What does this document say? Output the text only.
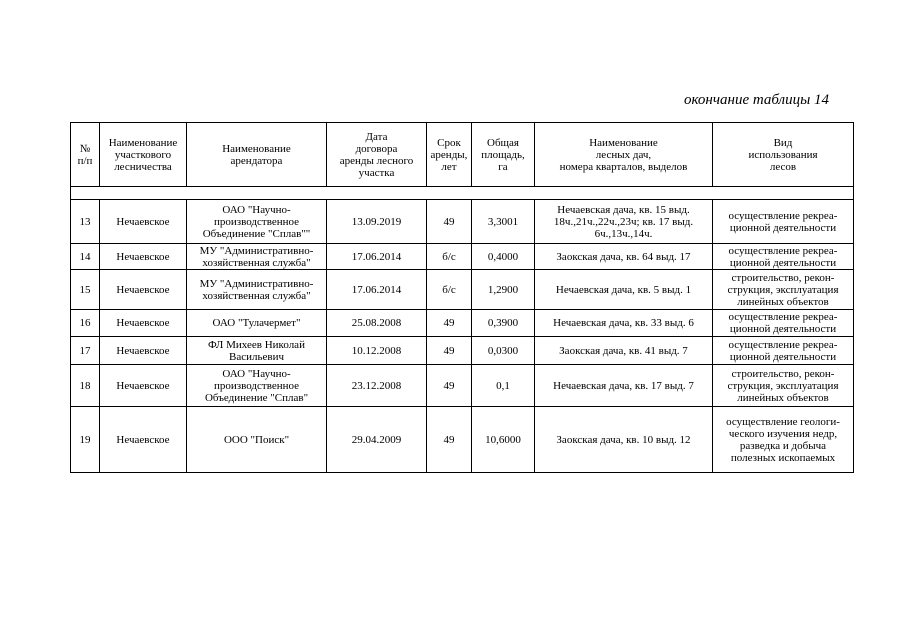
окончание таблицы 14
№
п/п	Наименование
участкового
лесничества	Наименование
арендатора	Дата
договора
аренды лесного
участка	Срок
аренды,
лет	Общая
площадь,
га	Наименование
лесных дач,
номера кварталов, выделов	Вид
использования
лесов

13	Нечаевское	ОАО "Научно-
производственное
Объединение "Сплав""	13.09.2019	49	3,3001	Нечаевская дача, кв. 15 выд.
18ч.,21ч.,22ч.,23ч; кв. 17 выд.
6ч.,13ч.,14ч.	осуществление рекреа-
ционной деятельности
14	Нечаевское	МУ "Административно-
хозяйственная служба"	17.06.2014	б/с	0,4000	Заокская дача, кв. 64 выд. 17	осуществление рекреа-
ционной деятельности
15	Нечаевское	МУ "Административно-
хозяйственная служба"	17.06.2014	б/с	1,2900	Нечаевская дача, кв. 5 выд. 1	строительство, рекон-
струкция, эксплуатация
линейных объектов
16	Нечаевское	ОАО "Тулачермет"	25.08.2008	49	0,3900	Нечаевская дача, кв. 33 выд. 6	осуществление рекреа-
ционной деятельности
17	Нечаевское	ФЛ Михеев Николай
Васильевич	10.12.2008	49	0,0300	Заокская дача, кв. 41 выд. 7	осуществление рекреа-
ционной деятельности
18	Нечаевское	ОАО "Научно-
производственное
Объединение "Сплав"	23.12.2008	49	0,1	Нечаевская дача, кв. 17 выд. 7	строительство, рекон-
струкция, эксплуатация
линейных объектов
19	Нечаевское	ООО "Поиск"	29.04.2009	49	10,6000	Заокская дача, кв. 10 выд. 12	осуществление геологи-
ческого изучения недр,
разведка и добыча
полезных ископаемых
